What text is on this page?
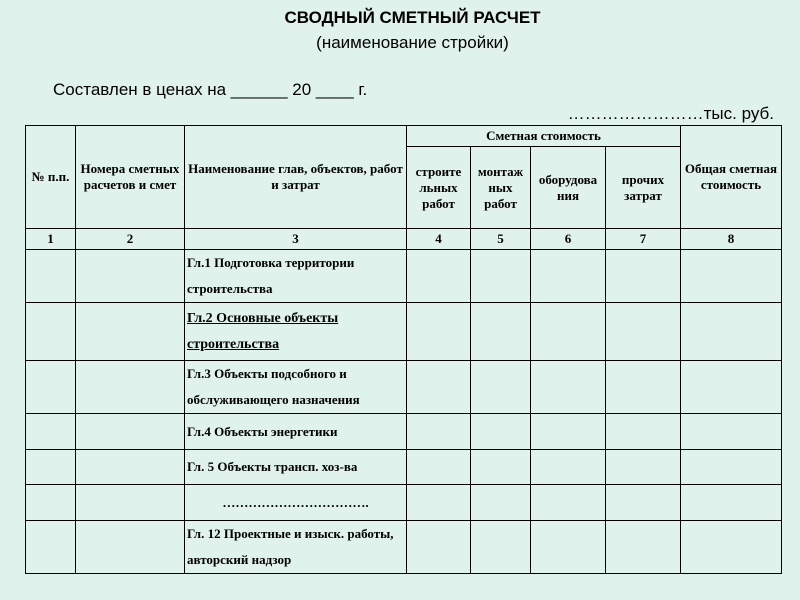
СВОДНЫЙ СМЕТНЫЙ РАСЧЕТ
(наименование стройки)
Составлен в ценах на ______ 20 ____ г.
……………………тыс. руб.
№ п.п.	Номера сметных расчетов и смет	Наименование глав, объектов, работ и затрат	Сметная стоимость				Общая сметная стоимость
			строите льных работ	монтаж ных работ	оборудова ния	прочих затрат	
1	2	3	4	5	6	7	8
		Гл.1 Подготовка территории строительства					
		Гл.2 Основные объекты строительства					
		Гл.3 Объекты подсобного и обслуживающего назначения					
		Гл.4 Объекты энергетики					
		Гл. 5 Объекты трансп. хоз-ва					
		…………………………….					
		Гл. 12 Проектные и изыск. работы, авторский надзор					
